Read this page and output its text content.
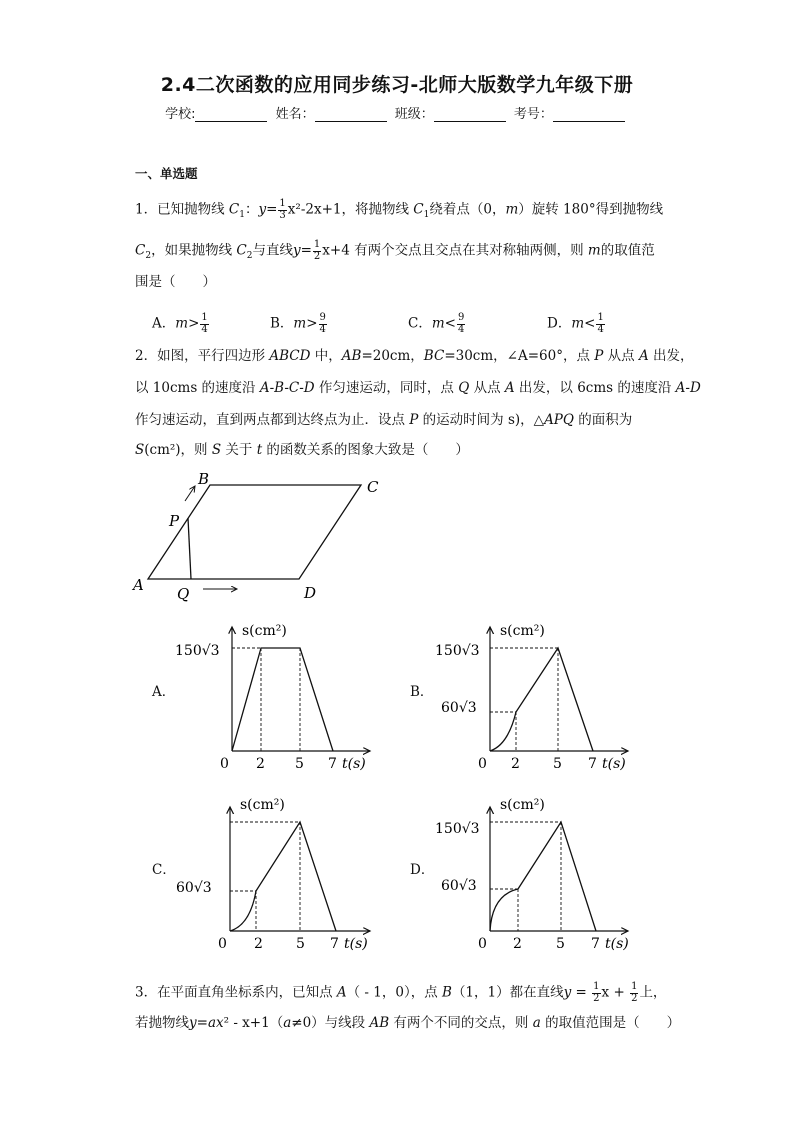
2.4二次函数的应用同步练习-北师大版数学九年级下册
学校:	姓名：	班级：	考号：
一、单选题
1．已知抛物线 $C_1$：$y= \frac{1}{3} x^2-2x+1$，将抛物线 $C_1$绕着点（0，m）旋转 180°得到抛物线
$C_2$，如果抛物线 $C_2$与直线$y= \frac{1}{2} x+4$ 有两个交点且交点在其对称轴两侧，则 m的取值范
围是（　　）
A．$m> \frac{1}{4}$	B．$m> \frac{9}{4}$	C．$m< \frac{9}{4}$	D．$m< \frac{1}{4}$
2．如图，平行四边形 ABCD 中，AB=20cm，BC=30cm，∠A=60°，点 P 从点 A 出发，
以 10cms 的速度沿 A-B-C-D 作匀速运动，同时，点 Q 从点 A 出发，以 6cms 的速度沿 A-D
作匀速运动，直到两点都到达终点为止．设点 P 的运动时间为 s)，△APQ 的面积为
S(cm²)，则 S 关于 t 的函数关系的图象大致是（　　）
A
B	C
D
P
Q
A．	B．
C．	D．
s(cm²)
150√3
0 2 5 7 t(s)
s(cm²)
150√3
60√3
0 2 5 7 t(s)
s(cm²)
60√3
0 2 5 7 t(s)
s(cm²)
150√3
60√3
0 2 5 7 t(s)
3．在平面直角坐标系内，已知点 A（ - 1，0），点 B（1，1）都在直线$y = \frac{1}{2}$ $x + \frac{1}{2}$ 上，
若抛物线y=ax² - x+1（a≠0）与线段 AB 有两个不同的交点，则 a 的取值范围是（　　）
